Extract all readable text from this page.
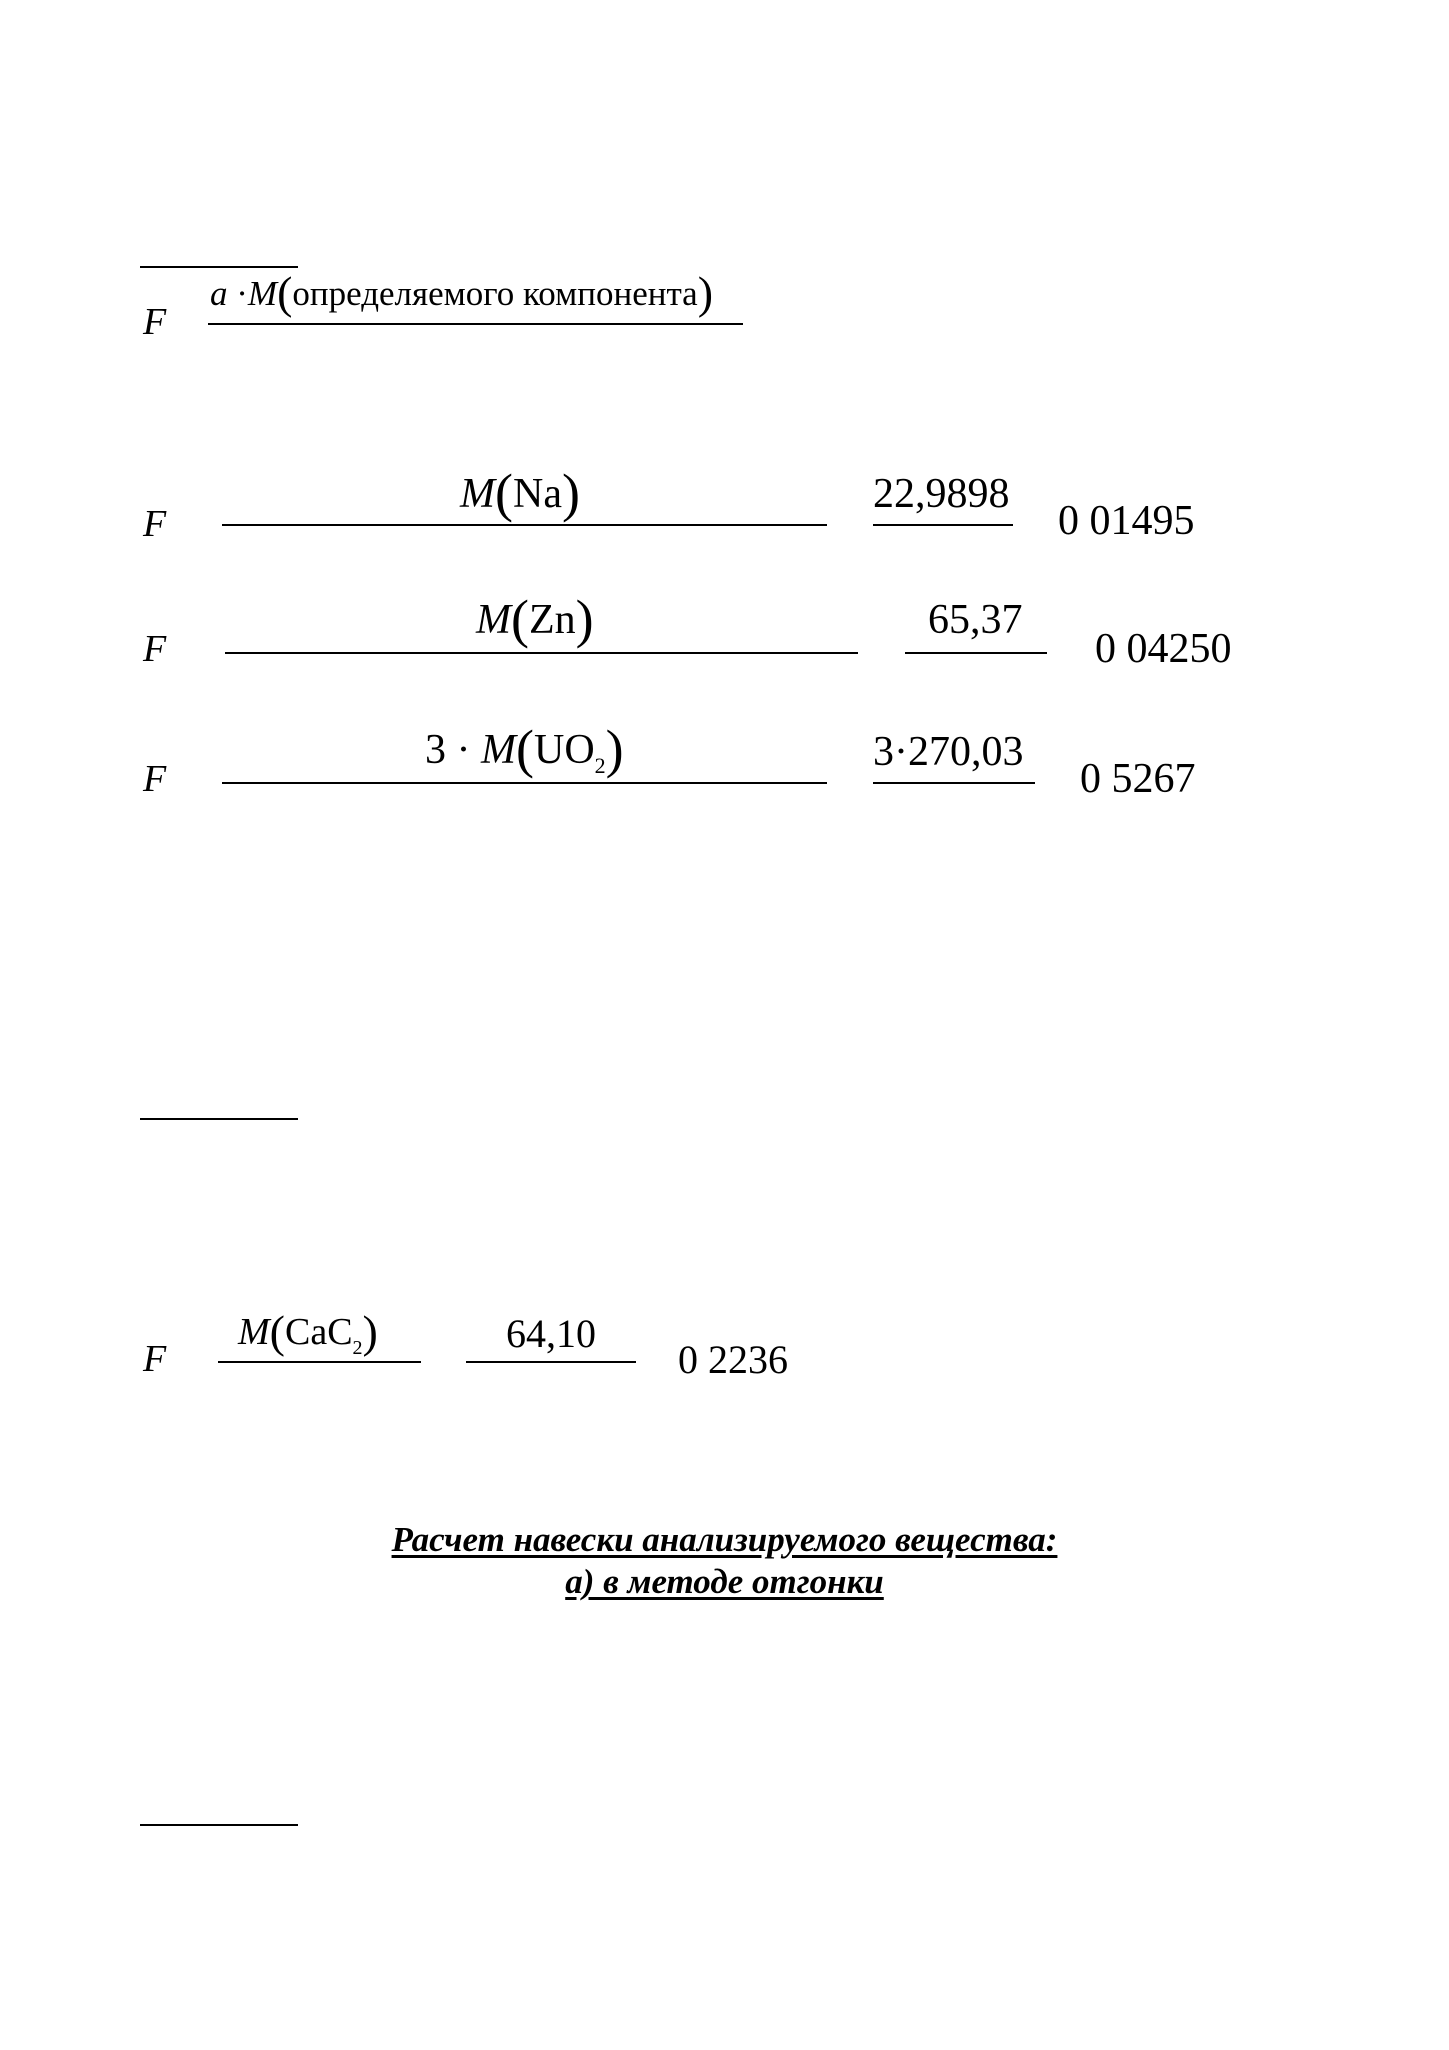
F
a ·M(определяемого компонента)
F
M(Na)	22,9898
0 01495
F
M(Zn)	65,37
0 04250
F
$3 \cdot M(UO_2)$	3·270,03
0 5267
F
M(CaC$_2$)	64,10
0 2236
Расчет навески анализируемого вещества:
а) в методе отгонки
